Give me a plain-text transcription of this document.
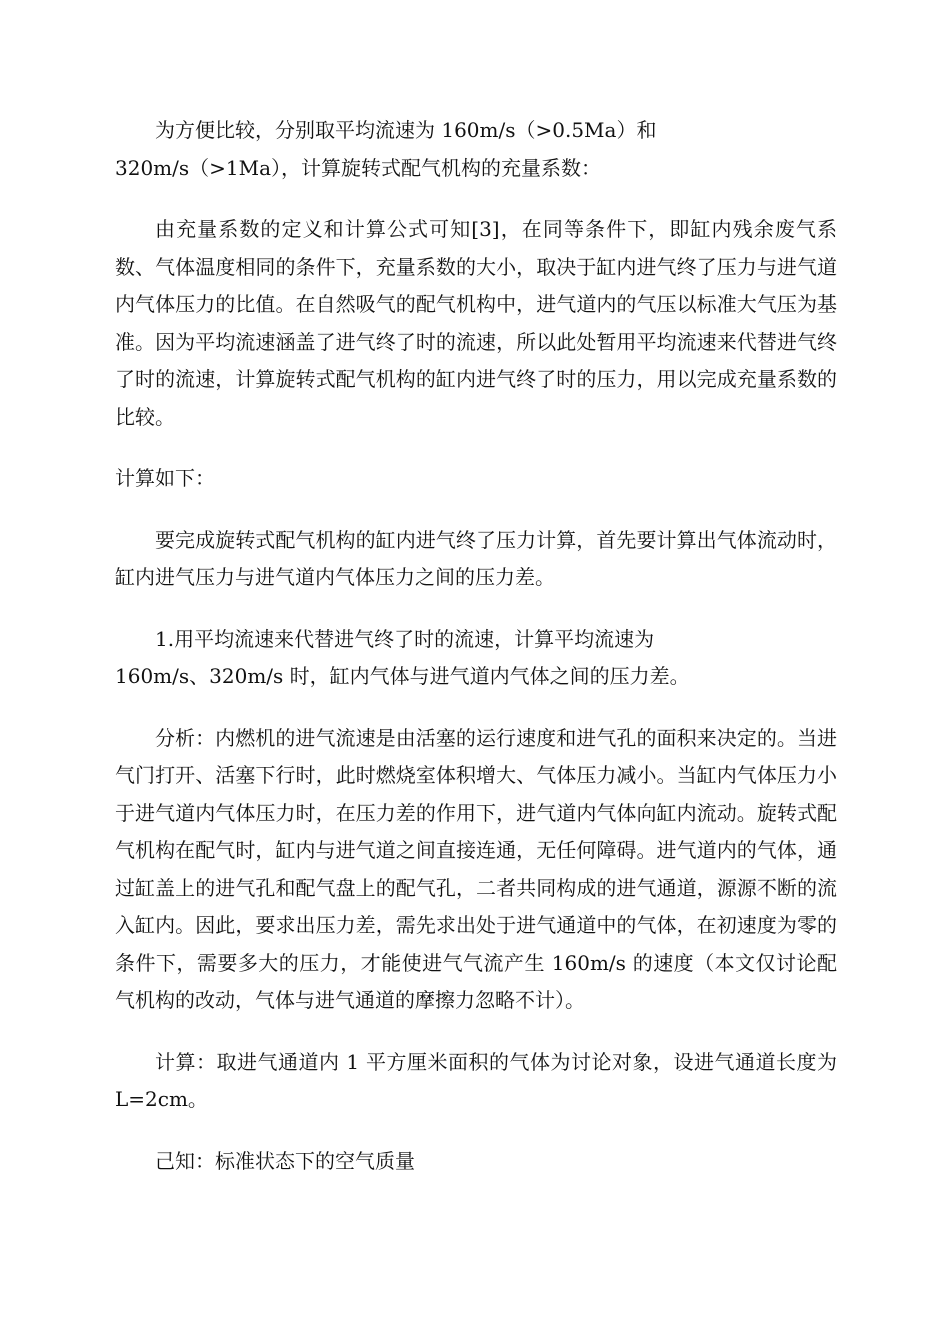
为方便比较，分别取平均流速为 160m/s（>0.5Ma）和
320m/s（>1Ma），计算旋转式配气机构的充量系数：

由充量系数的定义和计算公式可知[3]，在同等条件下，即缸内残余废气系数、气体温度相同的条件下，充量系数的大小，取决于缸内进气终了压力与进气道内气体压力的比值。在自然吸气的配气机构中，进气道内的气压以标准大气压为基准。因为平均流速涵盖了进气终了时的流速，所以此处暂用平均流速来代替进气终了时的流速，计算旋转式配气机构的缸内进气终了时的压力，用以完成充量系数的比较。

计算如下：

要完成旋转式配气机构的缸内进气终了压力计算，首先要计算出气体流动时，缸内进气压力与进气道内气体压力之间的压力差。

1.用平均流速来代替进气终了时的流速，计算平均流速为
160m/s、320m/s 时，缸内气体与进气道内气体之间的压力差。

分析：内燃机的进气流速是由活塞的运行速度和进气孔的面积来决定的。当进气门打开、活塞下行时，此时燃烧室体积增大、气体压力减小。当缸内气体压力小于进气道内气体压力时，在压力差的作用下，进气道内气体向缸内流动。旋转式配气机构在配气时，缸内与进气道之间直接连通，无任何障碍。进气道内的气体，通过缸盖上的进气孔和配气盘上的配气孔，二者共同构成的进气通道，源源不断的流入缸内。因此，要求出压力差，需先求出处于进气通道中的气体，在初速度为零的条件下，需要多大的压力，才能使进气气流产生 160m/s 的速度（本文仅讨论配气机构的改动，气体与进气通道的摩擦力忽略不计）。

计算：取进气通道内 1 平方厘米面积的气体为讨论对象，设进气通道长度为 L=2cm。

己知：标准状态下的空气质量
